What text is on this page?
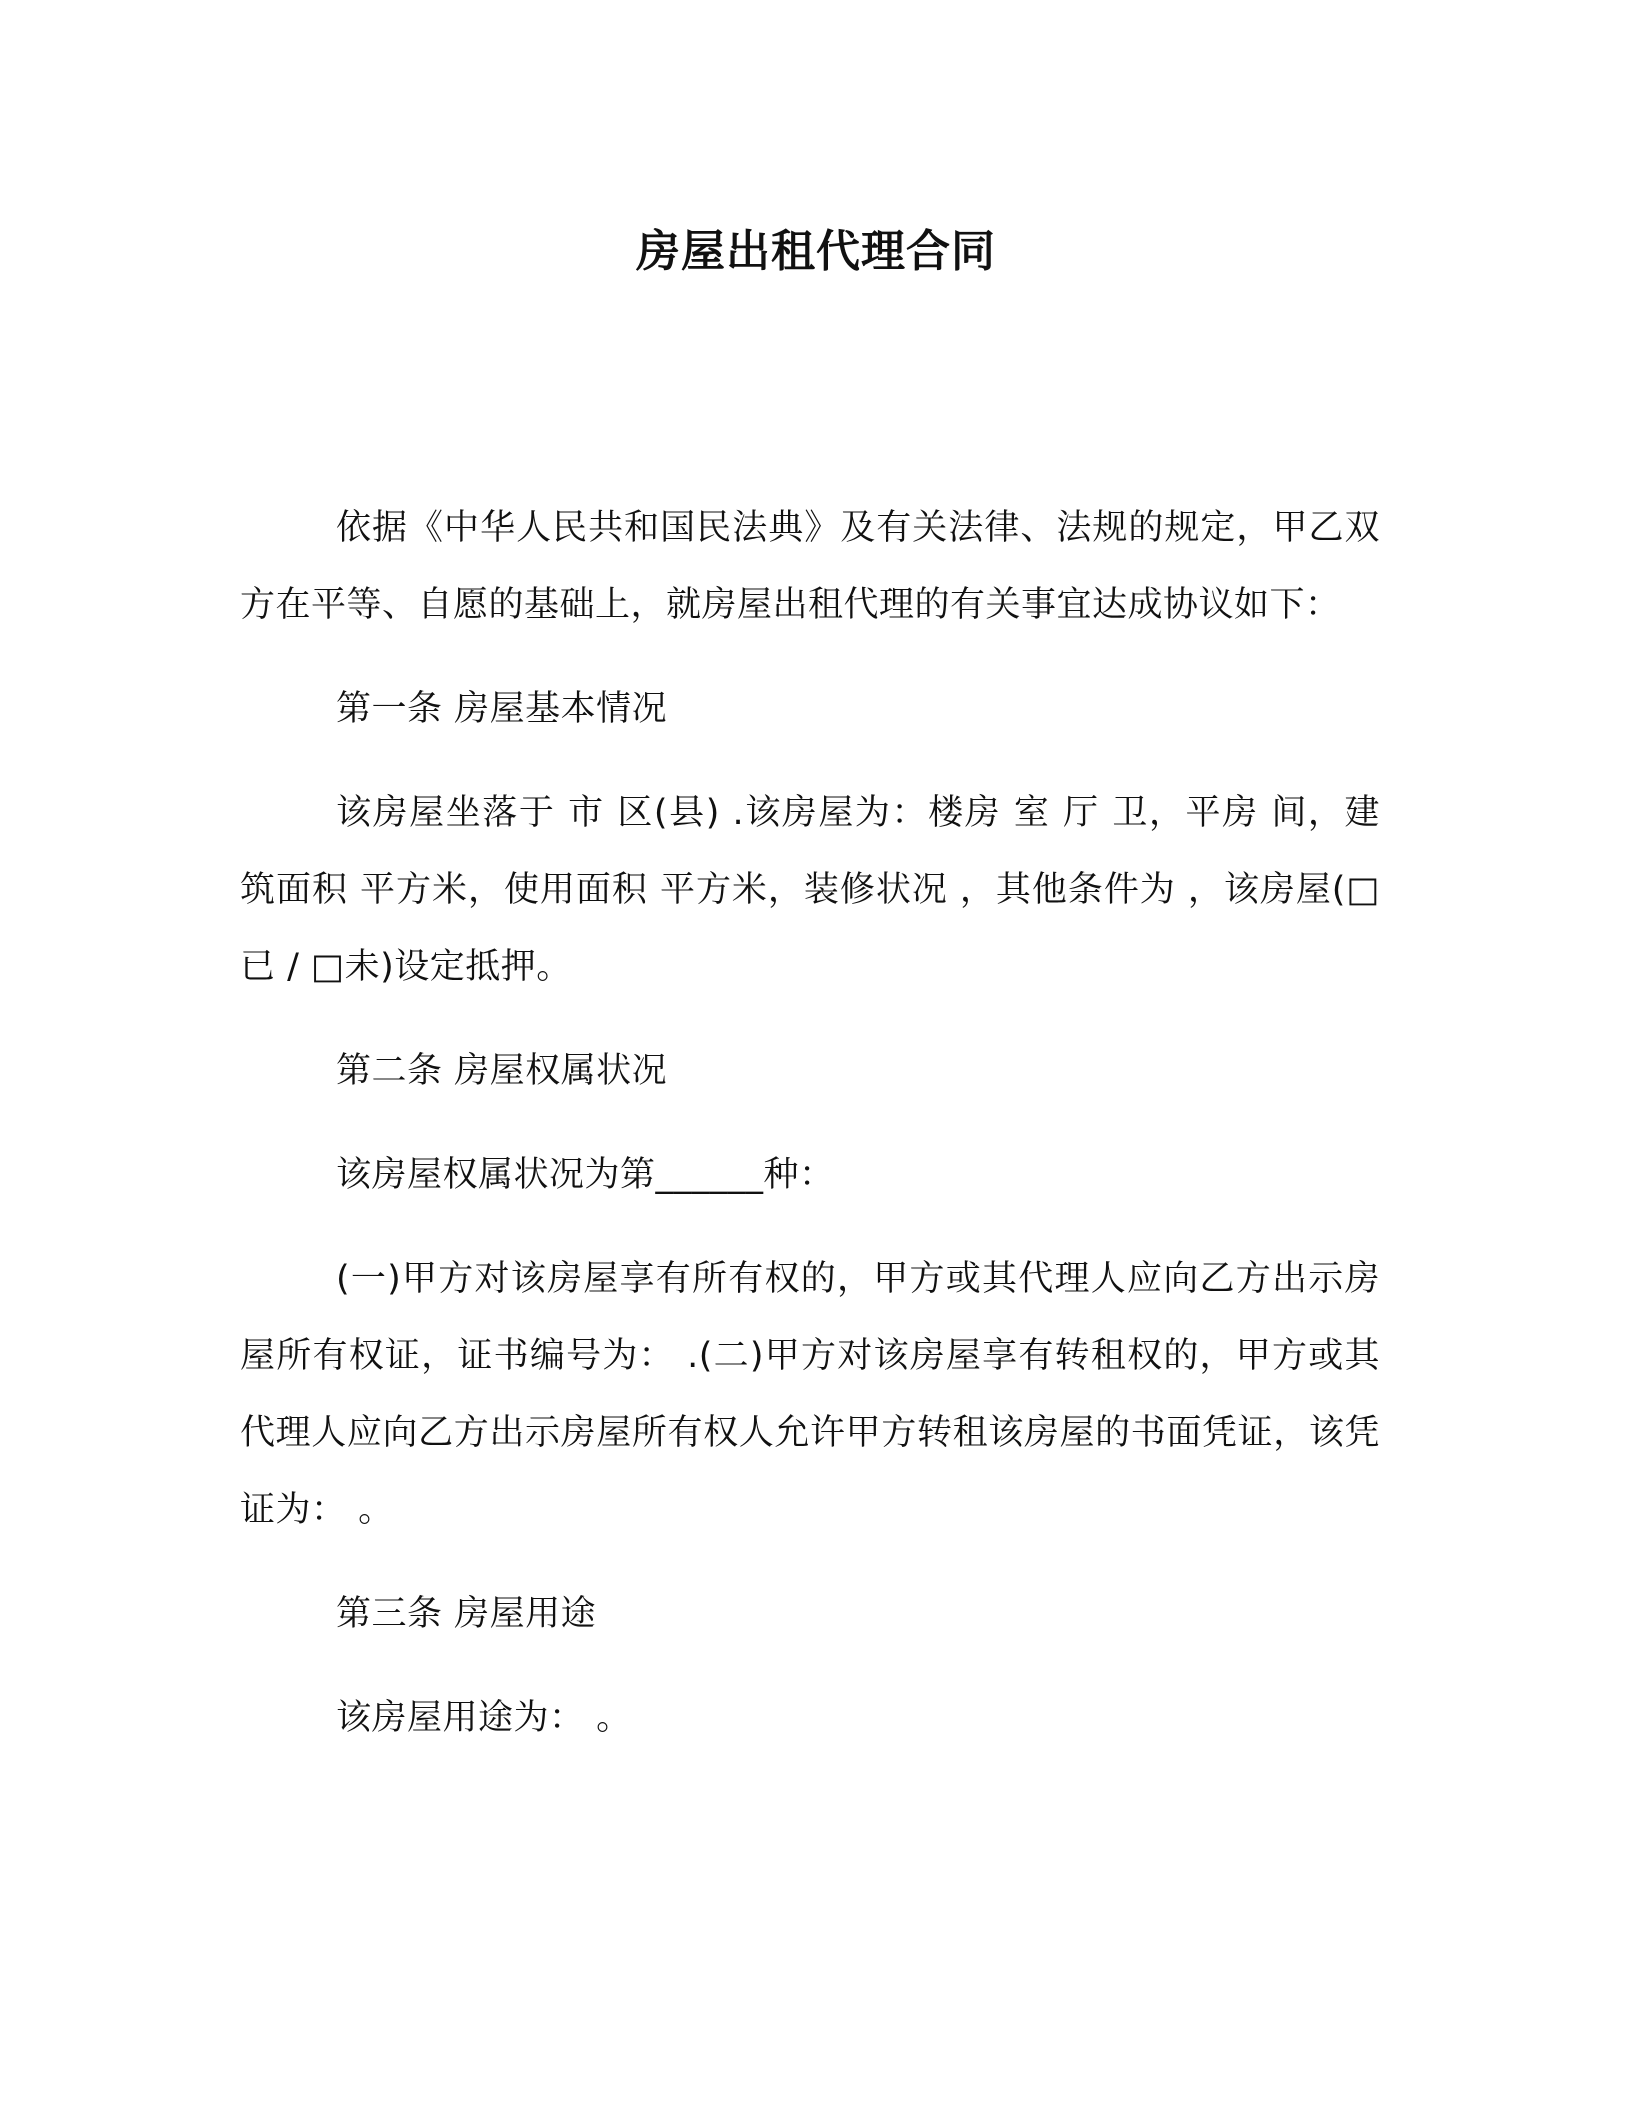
房屋出租代理合同

依据《中华人民共和国民法典》及有关法律、法规的规定，甲乙双方在平等、自愿的基础上，就房屋出租代理的有关事宜达成协议如下：

第一条 房屋基本情况

该房屋坐落于 市 区(县) .该房屋为：楼房 室 厅 卫，平房 间，建筑面积 平方米，使用面积 平方米，装修状况 ，其他条件为 ，该房屋(□已 / □未)设定抵押。

第二条 房屋权属状况

该房屋权属状况为第______种：

(一)甲方对该房屋享有所有权的，甲方或其代理人应向乙方出示房屋所有权证，证书编号为： .(二)甲方对该房屋享有转租权的，甲方或其代理人应向乙方出示房屋所有权人允许甲方转租该房屋的书面凭证，该凭证为： 。

第三条 房屋用途

该房屋用途为： 。
